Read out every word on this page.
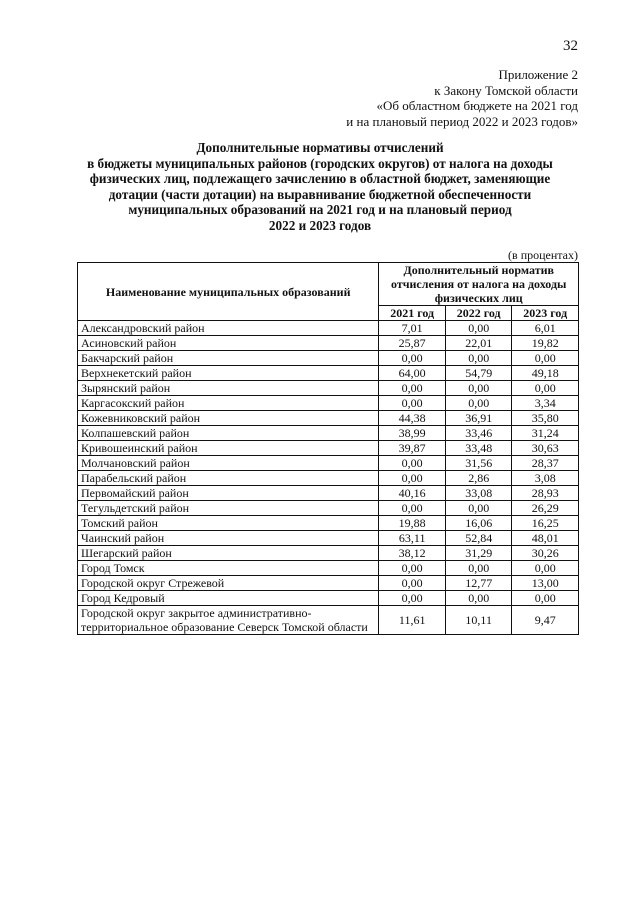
32
Приложение 2
к Закону Томской области
«Об областном бюджете на 2021 год
и на плановый период 2022 и 2023 годов»
Дополнительные нормативы отчислений
в бюджеты муниципальных районов (городских округов) от налога на доходы
физических лиц, подлежащего зачислению в областной бюджет, заменяющие
дотации (части дотации) на выравнивание бюджетной обеспеченности
муниципальных образований на 2021 год и на плановый период
2022 и 2023 годов
(в процентах)
Наименование муниципальных образований	Дополнительный норматив отчисления от налога на доходы физических лиц		
	2021 год	2022 год	2023 год
Александровский район	7,01	0,00	6,01
Асиновский район	25,87	22,01	19,82
Бакчарский район	0,00	0,00	0,00
Верхнекетский район	64,00	54,79	49,18
Зырянский район	0,00	0,00	0,00
Каргасокский район	0,00	0,00	3,34
Кожевниковский район	44,38	36,91	35,80
Колпашевский район	38,99	33,46	31,24
Кривошеинский район	39,87	33,48	30,63
Молчановский район	0,00	31,56	28,37
Парабельский район	0,00	2,86	3,08
Первомайский район	40,16	33,08	28,93
Тегульдетский район	0,00	0,00	26,29
Томский район	19,88	16,06	16,25
Чаинский район	63,11	52,84	48,01
Шегарский район	38,12	31,29	30,26
Город Томск	0,00	0,00	0,00
Городской округ Стрежевой	0,00	12,77	13,00
Город Кедровый	0,00	0,00	0,00
Городской округ закрытое административно-территориальное образование Северск Томской области	11,61	10,11	9,47
